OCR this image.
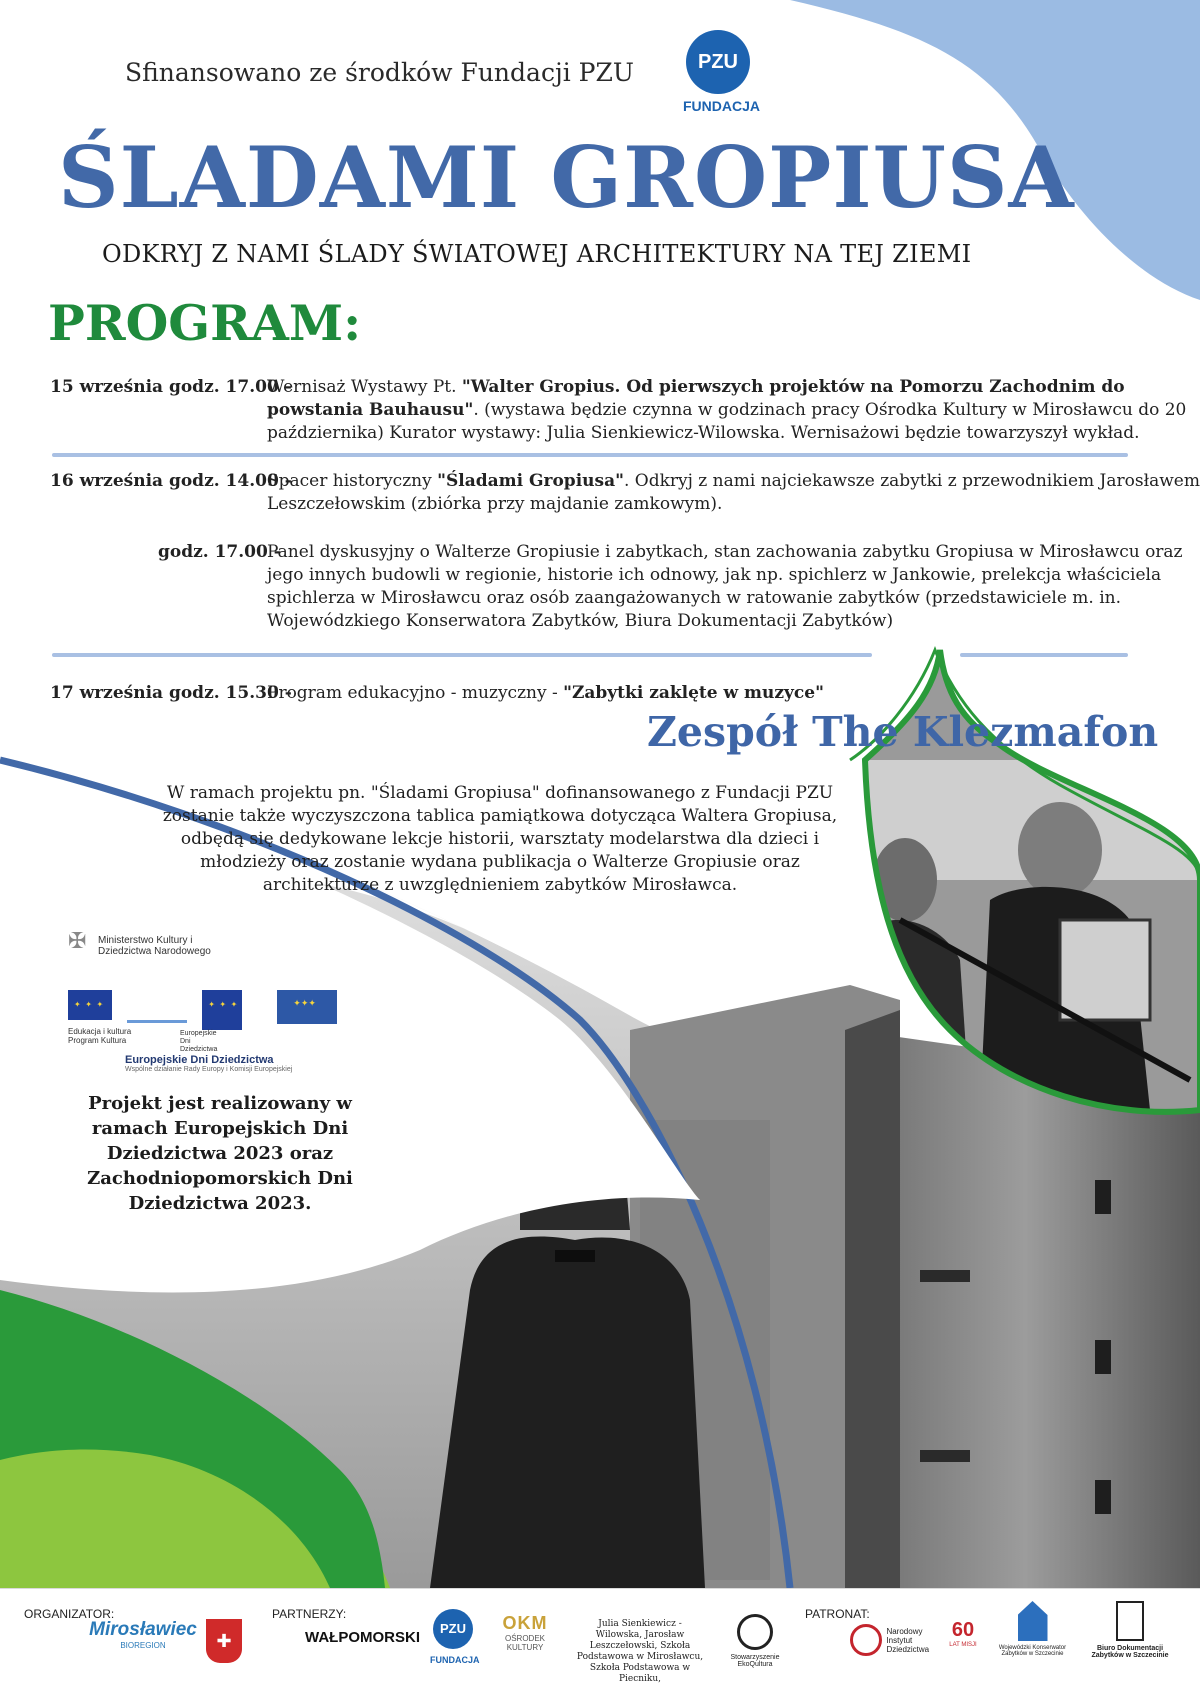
Sfinansowano ze środków Fundacji PZU	PZU
FUNDACJA
ŚLADAMI GROPIUSA
ODKRYJ Z NAMI ŚLADY ŚWIATOWEJ ARCHITEKTURY NA TEJ ZIEMI
PROGRAM:
15 września godz. 17.00 -
Wernisaż Wystawy Pt. "Walter Gropius. Od pierwszych projektów na Pomorzu Zachodnim do powstania Bauhausu". (wystawa będzie czynna w godzinach pracy Ośrodka Kultury w Mirosławcu do 20 października) Kurator wystawy: Julia Sienkiewicz-Wilowska. Wernisażowi będzie towarzyszył wykład.
16 września godz. 14.00 -
Spacer historyczny "Śladami Gropiusa". Odkryj z nami najciekawsze zabytki z przewodnikiem Jarosławem Leszczełowskim (zbiórka przy majdanie zamkowym).
godz. 17.00 -
Panel dyskusyjny o Walterze Gropiusie i zabytkach, stan zachowania zabytku Gropiusa w Mirosławcu oraz jego innych budowli w regionie, historie ich odnowy, jak np. spichlerz w Jankowie, prelekcja właściciela spichlerza w Mirosławcu oraz osób zaangażowanych w ratowanie zabytków (przedstawiciele m. in. Wojewódzkiego Konserwatora Zabytków, Biura Dokumentacji Zabytków)
17 września godz. 15.30 -
Program edukacyjno - muzyczny - "Zabytki zaklęte w muzyce"
Zespół The Klezmafon
W ramach projektu pn. "Śladami Gropiusa" dofinansowanego z Fundacji PZU zostanie także wyczyszczona tablica pamiątkowa dotycząca Waltera Gropiusa, odbędą się dedykowane lekcje historii, warsztaty modelarstwa dla dzieci i młodzieży oraz zostanie wydana publikacja o Walterze Gropiusie oraz architekturze z uwzględnieniem zabytków Mirosławca.
✠	Ministerstwo Kultury i Dziedzictwa Narodowego
✦ ✦ ✦  ✦ ✦ ✦ ✦✦✦
Edukacja i kultura Program Kultura
Europejskie Dni Dziedzictwa
Europejskie Dni Dziedzictwa
Wspólne działanie Rady Europy i Komisji Europejskiej
Projekt jest realizowany w ramach Europejskich Dni Dziedzictwa 2023 oraz Zachodniopomorskich Dni Dziedzictwa 2023.
ORGANIZATOR:	PARTNERZY:	PATRONAT:
Mirosławiec
BIOREGION	✚	WAŁPOMORSKI
PZU
FUNDACJA
OKM
OŚRODEK KULTURY
Julia Sienkiewicz - Wilowska, Jarosław Leszczełowski, Szkoła Podstawowa w Mirosławcu, Szkoła Podstawowa w Piecniku,
Stowarzyszenie EkoQultura
Narodowy Instytut Dziedzictwa
60
LAT MISJI	Wojewódzki Konserwator Zabytków w Szczecinie
Biuro Dokumentacji Zabytków w Szczecinie
